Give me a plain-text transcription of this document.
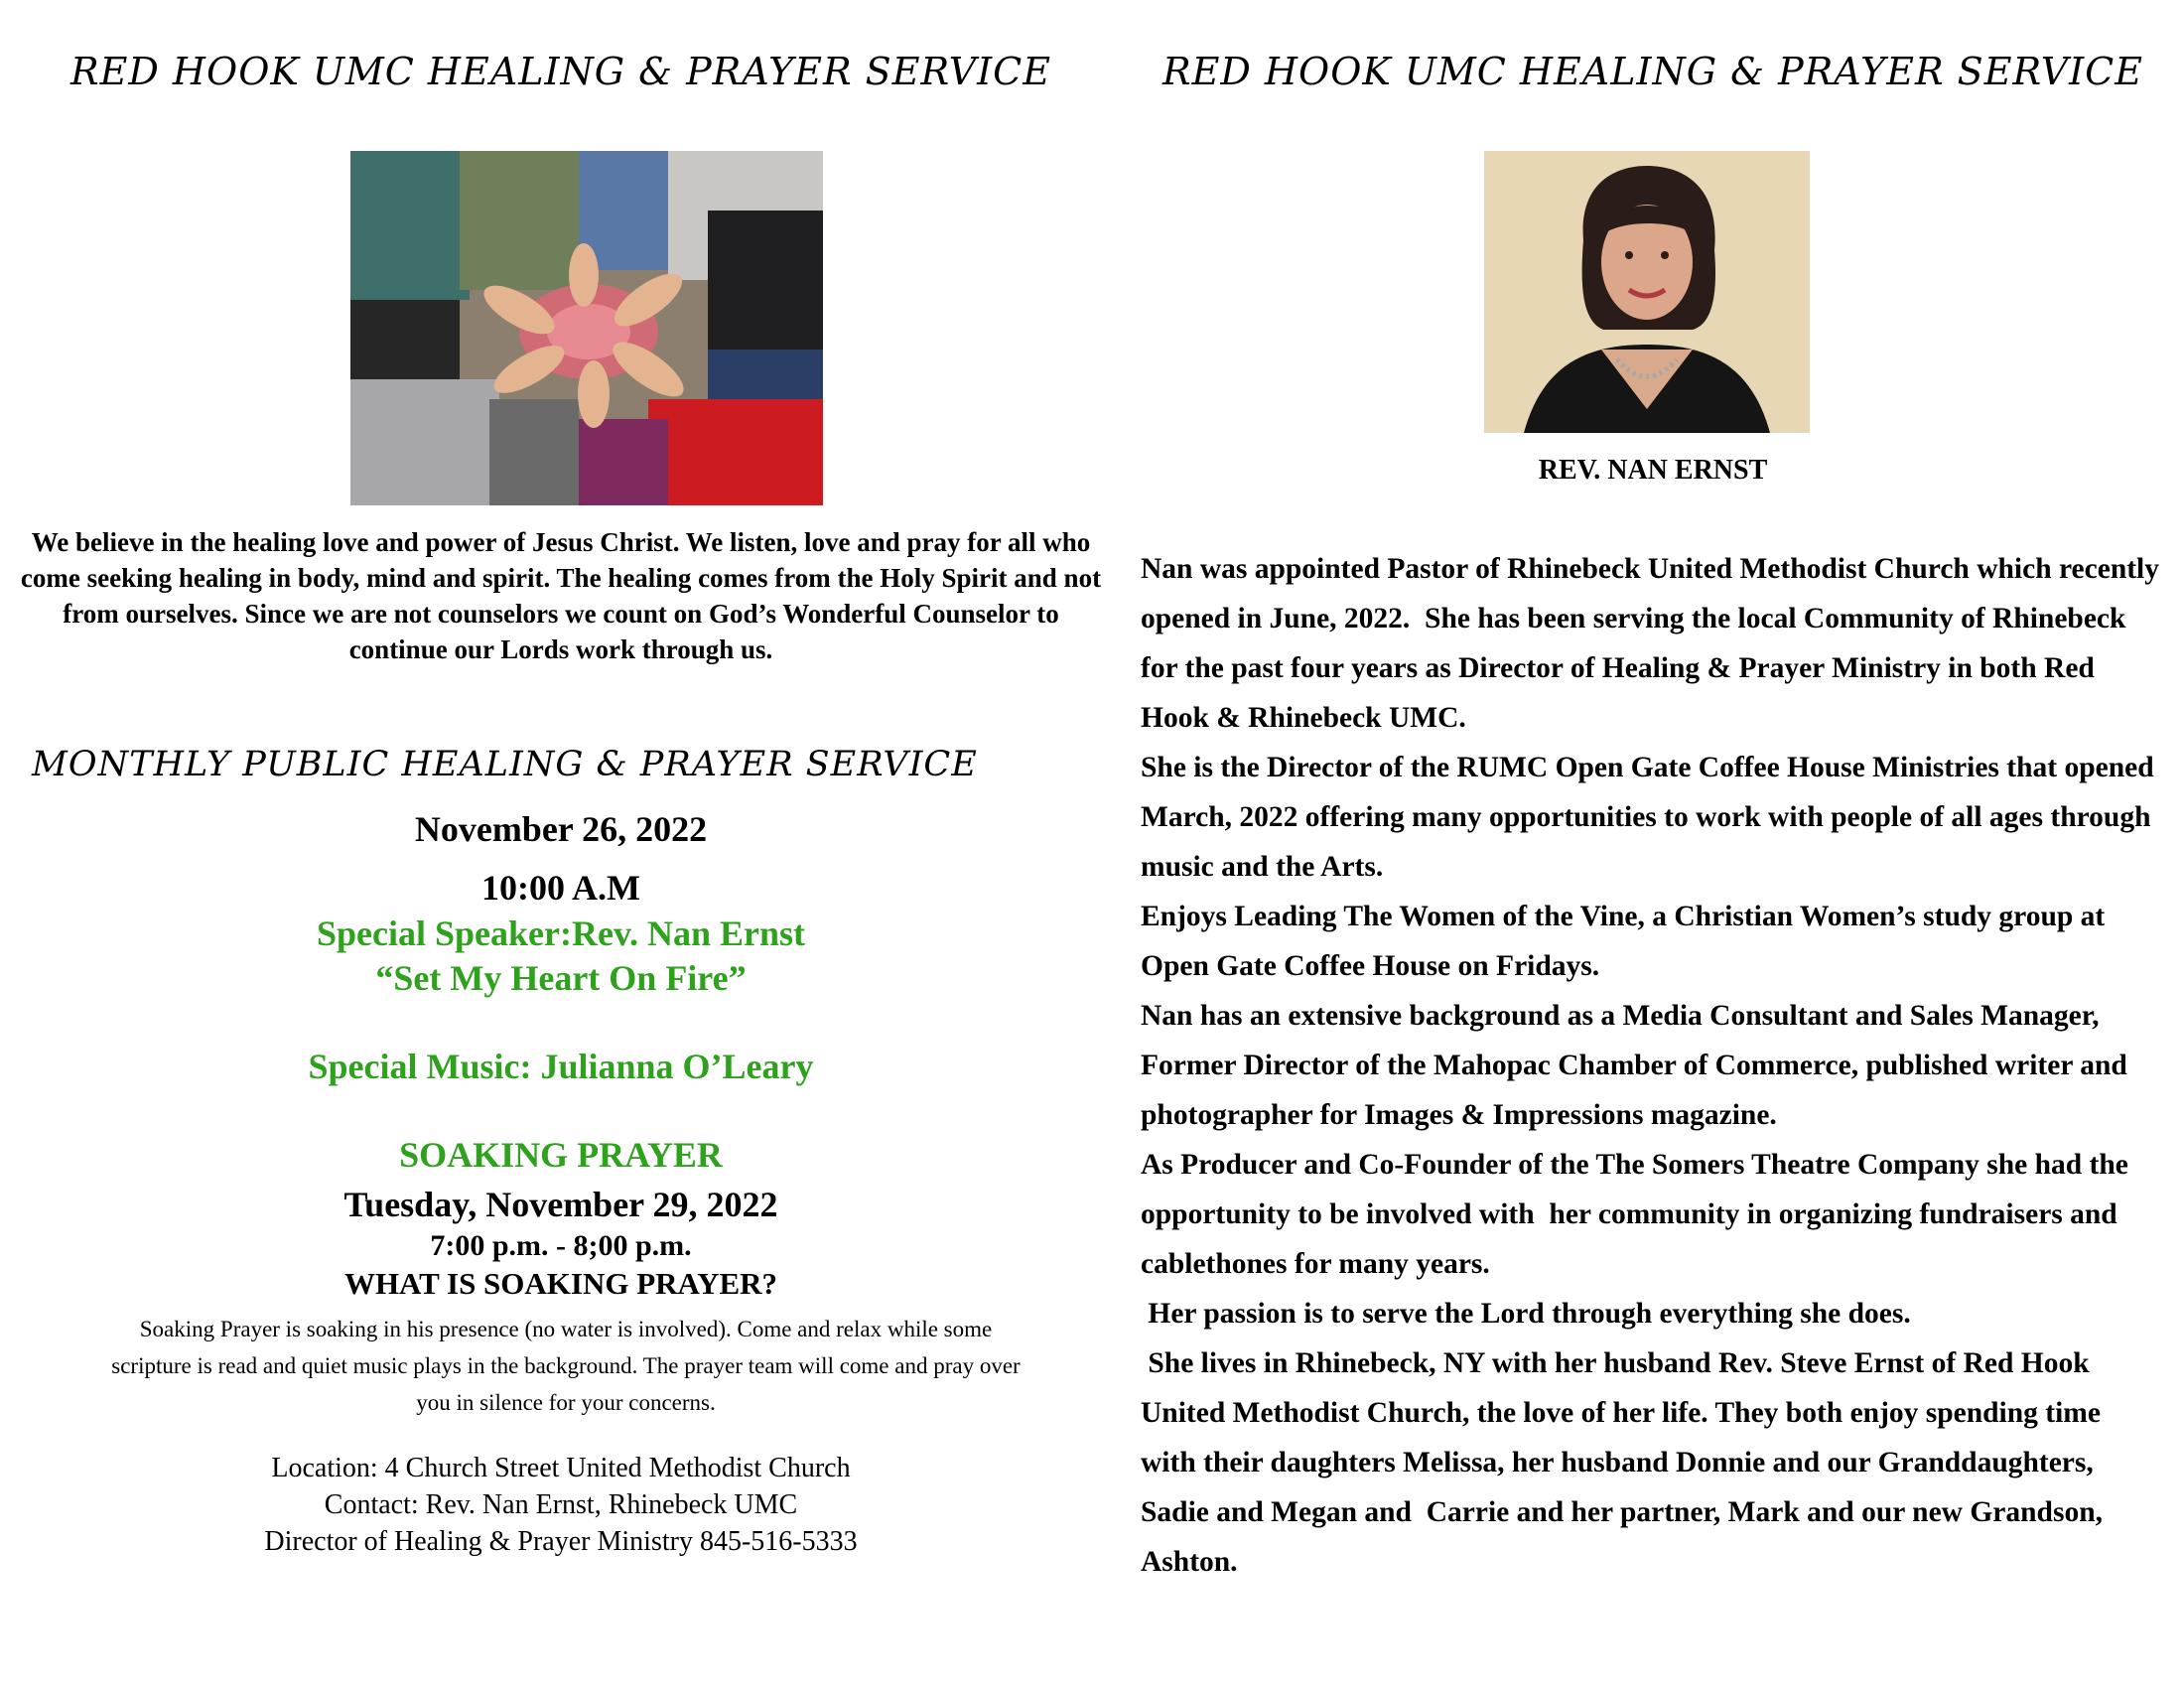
RED HOOK UMC HEALING & PRAYER SERVICE
We believe in the healing love and power of Jesus Christ. We listen, love and pray for all who come seeking healing in body, mind and spirit. The healing comes from the Holy Spirit and not from ourselves. Since we are not counselors we count on God’s Wonderful Counselor to continue our Lords work through us.
MONTHLY PUBLIC HEALING & PRAYER SERVICE
November 26, 2022
10:00 A.M
Special Speaker:Rev. Nan Ernst
“Set My Heart On Fire”
Special Music: Julianna O’Leary
SOAKING PRAYER
Tuesday, November 29, 2022
7:00 p.m. - 8;00 p.m.
WHAT IS SOAKING PRAYER?
Soaking Prayer is soaking in his presence (no water is involved). Come and relax while some scripture is read and quiet music plays in the background. The prayer team will come and pray over you in silence for your concerns.
Location: 4 Church Street United Methodist Church
Contact: Rev. Nan Ernst, Rhinebeck UMC
Director of Healing & Prayer Ministry 845-516-5333
RED HOOK UMC HEALING & PRAYER SERVICE
REV. NAN ERNST

Nan was appointed Pastor of Rhinebeck United Methodist Church which recently opened in June, 2022.  She has been serving the local Community of Rhinebeck for the past four years as Director of Healing & Prayer Ministry in both Red Hook & Rhinebeck UMC.

She is the Director of the RUMC Open Gate Coffee House Ministries that opened March, 2022 offering many opportunities to work with people of all ages through music and the Arts.

Enjoys Leading The Women of the Vine, a Christian Women’s study group at Open Gate Coffee House on Fridays.

Nan has an extensive background as a Media Consultant and Sales Manager, Former Director of the Mahopac Chamber of Commerce, published writer and photographer for Images & Impressions magazine.

As Producer and Co-Founder of the The Somers Theatre Company she had the opportunity to be involved with  her community in organizing fundraisers and cablethones for many years.

Her passion is to serve the Lord through everything she does.

She lives in Rhinebeck, NY with her husband Rev. Steve Ernst of Red Hook United Methodist Church, the love of her life. They both enjoy spending time with their daughters Melissa, her husband Donnie and our Granddaughters, Sadie and Megan and  Carrie and her partner, Mark and our new Grandson, Ashton.
